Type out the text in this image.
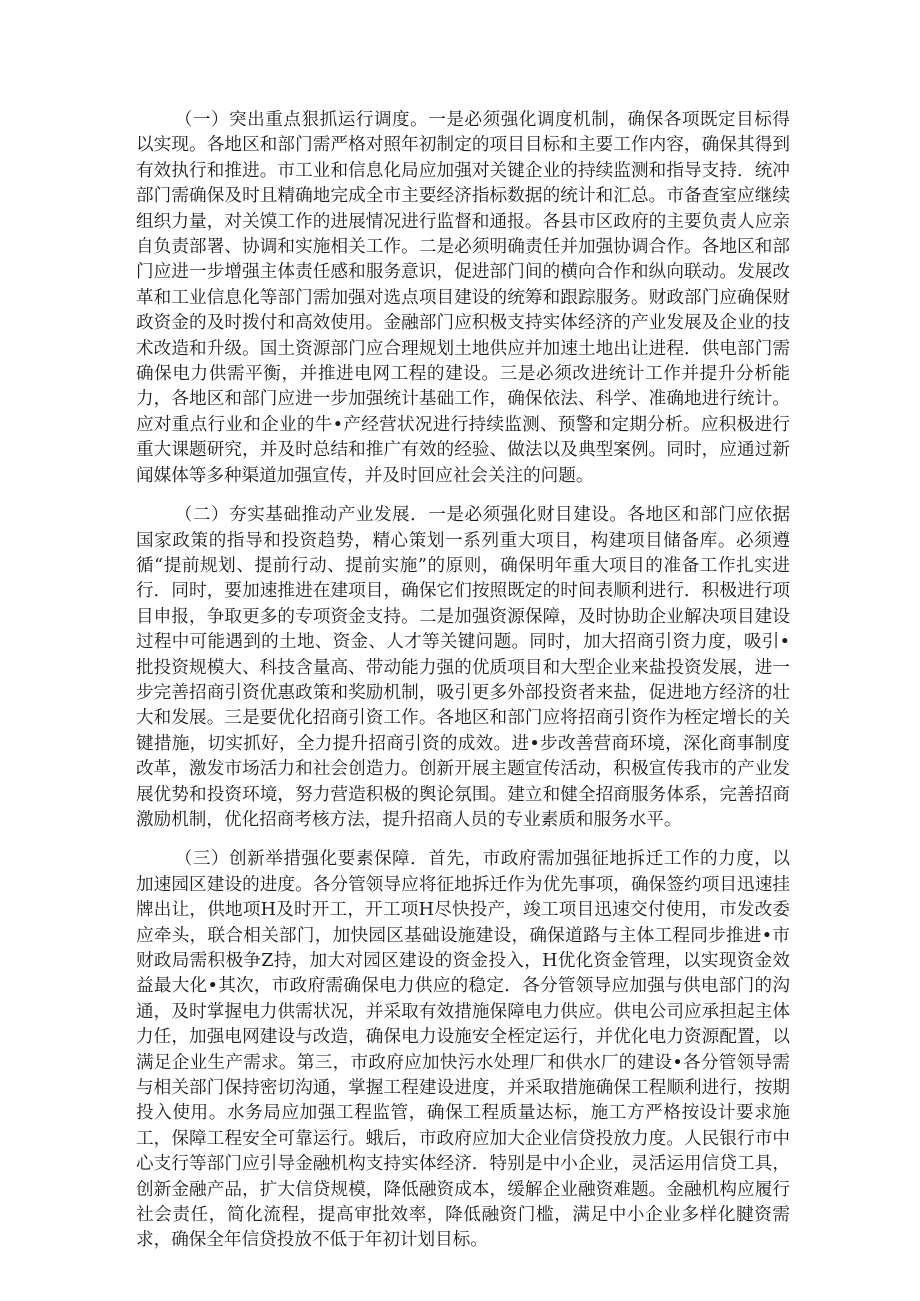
（一）突出重点狠抓运行调度。一是必须强化调度机制，确保各项既定目标得以实现。各地区和部门需严格对照年初制定的项目目标和主要工作内容，确保其得到有效执行和推进。市工业和信息化局应加强对关键企业的持续监测和指导支持．统冲部门需确保及时且精确地完成全市主要经济指标数据的统计和汇总。市备查室应继续组织力量，对关馍工作的进展情况进行监督和通报。各县市区政府的主要负责人应亲自负责部署、协调和实施相关工作。二是必须明确责任并加强协调合作。各地区和部门应进一步增强主体责任感和服务意识，促进部门间的横向合作和纵向联动。发展改革和工业信息化等部门需加强对选点项目建设的统筹和跟踪服务。财政部门应确保财政资金的及时拨付和高效使用。金融部门应积极支持实体经济的产业发展及企业的技术改造和升级。国土资源部门应合理规划土地供应并加速土地出让进程．供电部门需确保电力供需平衡，并推进电网工程的建设。三是必须改进统计工作并提升分析能力，各地区和部门应进一步加强统计基础工作，确保依法、科学、准确地进行统计。应对重点行业和企业的牛•产经营状况进行持续监测、预警和定期分析。应积极进行重大课题研究，并及时总结和推广有效的经验、做法以及典型案例。同时，应通过新闻媒体等多种渠道加强宣传，并及时回应社会关注的问题。

（二）夯实基础推动产业发展．一是必须强化财目建设。各地区和部门应依据国家政策的指导和投资趋势，精心策划一系列重大项目，构建项目储备库。必须遵循“提前规划、提前行动、提前实施”的原则，确保明年重大项目的准备工作扎实进行．同时，要加速推进在建项目，确保它们按照既定的时间表顺利进行．积极进行项目申报，争取更多的专项资金支持。二是加强资源保障，及时协助企业解决项目建设过程中可能遇到的土地、资金、人才等关键问题。同时，加大招商引资力度，吸引•批投资规模大、科技含量高、带动能力强的优质项目和大型企业来盐投资发展，进一步完善招商引资优惠政策和奖励机制，吸引更多外部投资者来盐，促进地方经济的壮大和发展。三是要优化招商引资工作。各地区和部门应将招商引资作为桎定增长的关键措施，切实抓好，全力提升招商引资的成效。进•步改善营商环境，深化商事制度改革，激发市场活力和社会创造力。创新开展主题宣传活动，积极宣传我市的产业发展优势和投资环境，努力营造积极的舆论氛围。建立和健全招商服务体系，完善招商激励机制，优化招商考核方法，提升招商人员的专业素质和服务水平。

（三）创新举措强化要素保障．首先，市政府需加强征地拆迁工作的力度，以加速园区建设的进度。各分管领导应将征地拆迁作为优先事项，确保签约项目迅速挂牌出让，供地项H及时开工，开工项H尽快投产，竣工项目迅速交付使用，市发改委应牵头，联合相关部门，加快园区基础设施建设，确保道路与主体工程同步推进•市财政局需积极争Z持，加大对园区建设的资金投入，H优化资金管理，以实现资金效益最大化•其次，市政府需确保电力供应的稳定．各分管领导应加强与供电部门的沟通，及时掌握电力供需状况，并采取有效措施保障电力供应。供电公司应承担起主体力任，加强电网建设与改造，确保电力设施安全桎定运行，并优化电力资源配置，以满足企业生产需求。第三，市政府应加快污水处理厂和供水厂的建设•各分管领导需与相关部门保持密切沟通，掌握工程建设进度，并采取措施确保工程顺利进行，按期投入使用。水务局应加强工程监管，确保工程质量达标，施工方严格按设计要求施工，保障工程安全可靠运行。蛾后，市政府应加大企业信贷投放力度。人民银行市中心支行等部门应引导金融机构支持实体经济．特别是中小企业，灵活运用信贷工具，创新金融产品，扩大信贷规模，降低融资成本，缓解企业融资难题。金融机构应履行社会责任，简化流程，提高审批效率，降低融资门槛，满足中小企业多样化腱资需求，确保全年信贷投放不低于年初计划目标。
